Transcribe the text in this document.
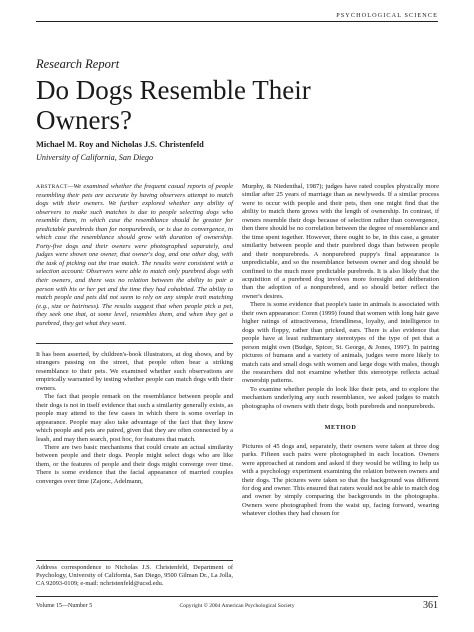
PSYCHOLOGICAL SCIENCE
Research Report
Do Dogs Resemble Their Owners?
Michael M. Roy and Nicholas J.S. Christenfeld
University of California, San Diego
ABSTRACT—We examined whether the frequent casual reports of people resembling their pets are accurate by having observers attempt to match dogs with their owners. We further explored whether any ability of observers to make such matches is due to people selecting dogs who resemble them, in which case the resemblance should be greater for predictable purebreds than for nonpurebreds, or is due to convergence, in which case the resemblance should grow with duration of ownership. Forty-five dogs and their owners were photographed separately, and judges were shown one owner, that owner's dog, and one other dog, with the task of picking out the true match. The results were consistent with a selection account: Observers were able to match only purebred dogs with their owners, and there was no relation between the ability to pair a person with his or her pet and the time they had cohabited. The ability to match people and pets did not seem to rely on any simple trait matching (e.g., size or hairiness). The results suggest that when people pick a pet, they seek one that, at some level, resembles them, and when they get a purebred, they get what they want.

It has been asserted, by children's-book illustrators, at dog shows, and by strangers passing on the street, that people often bear a striking resemblance to their pets. We examined whether such observations are empirically warranted by testing whether people can match dogs with their owners.

The fact that people remark on the resemblance between people and their dogs is not in itself evidence that such a similarity generally exists, as people may attend to the few cases in which there is some overlap in appearance. People may also take advantage of the fact that they know which people and pets are paired, given that they are often connected by a leash, and may then search, post hoc, for features that match.

There are two basic mechanisms that could create an actual similarity between people and their dogs. People might select dogs who are like them, or the features of people and their dogs might converge over time. There is some evidence that the facial appearance of married couples converges over time (Zajonc, Adelmann,

Murphy, & Niedenthal, 1987); judges have rated couples physically more similar after 25 years of marriage than as newlyweds. If a similar process were to occur with people and their pets, then one might find that the ability to match them grows with the length of ownership. In contrast, if owners resemble their dogs because of selection rather than convergence, then there should be no correlation between the degree of resemblance and the time spent together. However, there ought to be, in this case, a greater similarity between people and their purebred dogs than between people and their nonpurebreds. A nonpurebred puppy's final appearance is unpredictable, and so the resemblance between owner and dog should be confined to the much more predictable purebreds. It is also likely that the acquisition of a purebred dog involves more foresight and deliberation than the adoption of a nonpurebred, and so should better reflect the owner's desires.

There is some evidence that people's taste in animals is associated with their own appearance: Coren (1999) found that women with long hair gave higher ratings of attractiveness, friendliness, loyalty, and intelligence to dogs with floppy, rather than pricked, ears. There is also evidence that people have at least rudimentary stereotypes of the type of pet that a person might own (Budge, Spicer, St. George, & Jones, 1997). In pairing pictures of humans and a variety of animals, judges were more likely to match cats and small dogs with women and large dogs with males, though the researchers did not examine whether this stereotype reflects actual ownership patterns.

To examine whether people do look like their pets, and to explore the mechanism underlying any such resemblance, we asked judges to match photographs of owners with their dogs, both purebreds and nonpurebreds.

METHOD

Pictures of 45 dogs and, separately, their owners were taken at three dog parks. Fifteen such pairs were photographed in each location. Owners were approached at random and asked if they would be willing to help us with a psychology experiment examining the relation between owners and their dogs. The pictures were taken so that the background was different for dog and owner. This ensured that raters would not be able to match dog and owner by simply comparing the backgrounds in the photographs. Owners were photographed from the waist up, facing forward, wearing whatever clothes they had chosen for

Address correspondence to Nicholas J.S. Christenfeld, Department of Psychology, University of California, San Diego, 9500 Gilman Dr., La Jolla, CA 92093-0109; e-mail: nchristenfeld@ucsd.edu.
Volume 15—Number 5	Copyright © 2004 American Psychological Society	361
